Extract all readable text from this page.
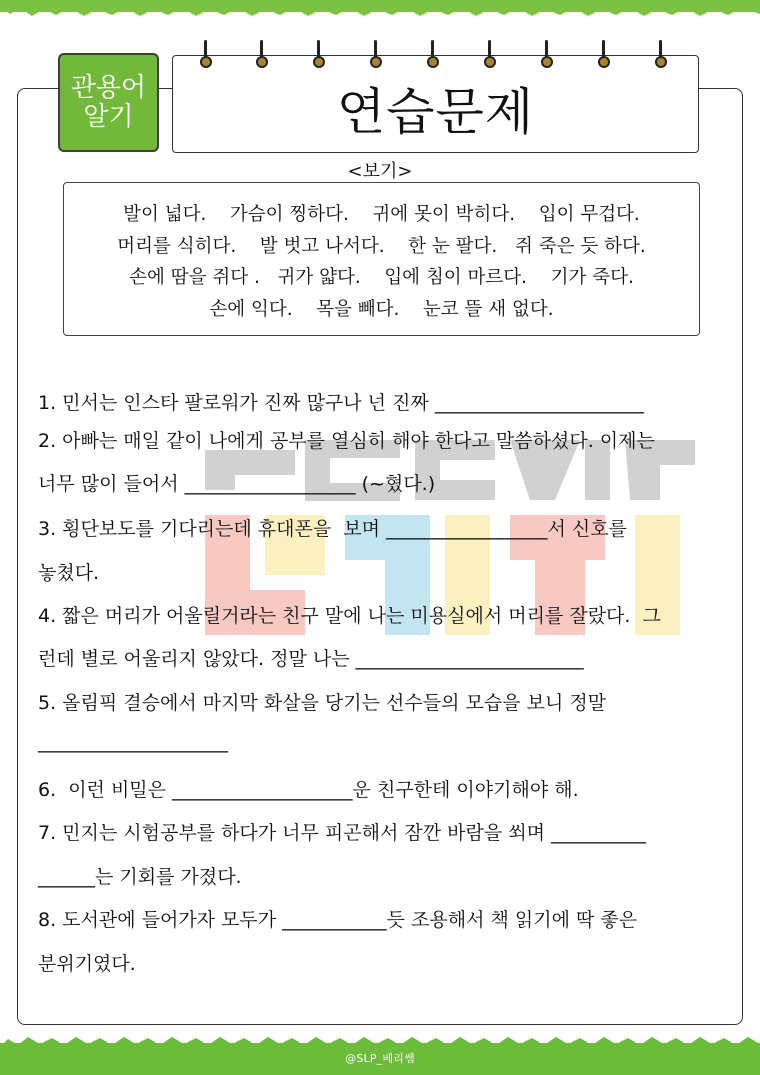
관용어
알기	연습문제
<보기>
발이 넓다.    가슴이 찡하다.    귀에 못이 박히다.    입이 무겁다.
머리를 식히다.    발 벗고 나서다.    한 눈 팔다.   쥐 죽은 듯 하다.
손에 땀을 쥐다 .   귀가 얇다.    입에 침이 마르다.    기가 죽다.
손에 익다.    목을 빼다.    눈코 뜰 새 없다.
1. 민서는 인스타 팔로워가 진짜 많구나 넌 진짜 ______________________
2. 아빠는 매일 같이 나에게 공부를 열심히 해야 한다고 말씀하셨다. 이제는
너무 많이 들어서 __________________ (~혔다.)
3. 횡단보도를 기다리는데 휴대폰을  보며 _________________서 신호를
놓쳤다.
4. 짧은 머리가 어울릴거라는 친구 말에 나는 미용실에서 머리를 잘랐다.  그
런데 별로 어울리지 않았다. 정말 나는 ________________________
5. 올림픽 결승에서 마지막 화살을 당기는 선수들의 모습을 보니 정말
____________________
6.  이런 비밀은 ___________________운 친구한테 이야기해야 해.
7. 민지는 시험공부를 하다가 너무 피곤해서 잠깐 바람을 쐬며 __________
______는 기회를 가졌다.
8. 도서관에 들어가자 모두가 ___________듯 조용해서 책 읽기에 딱 좋은
분위기였다.
@SLP_베리쌤
